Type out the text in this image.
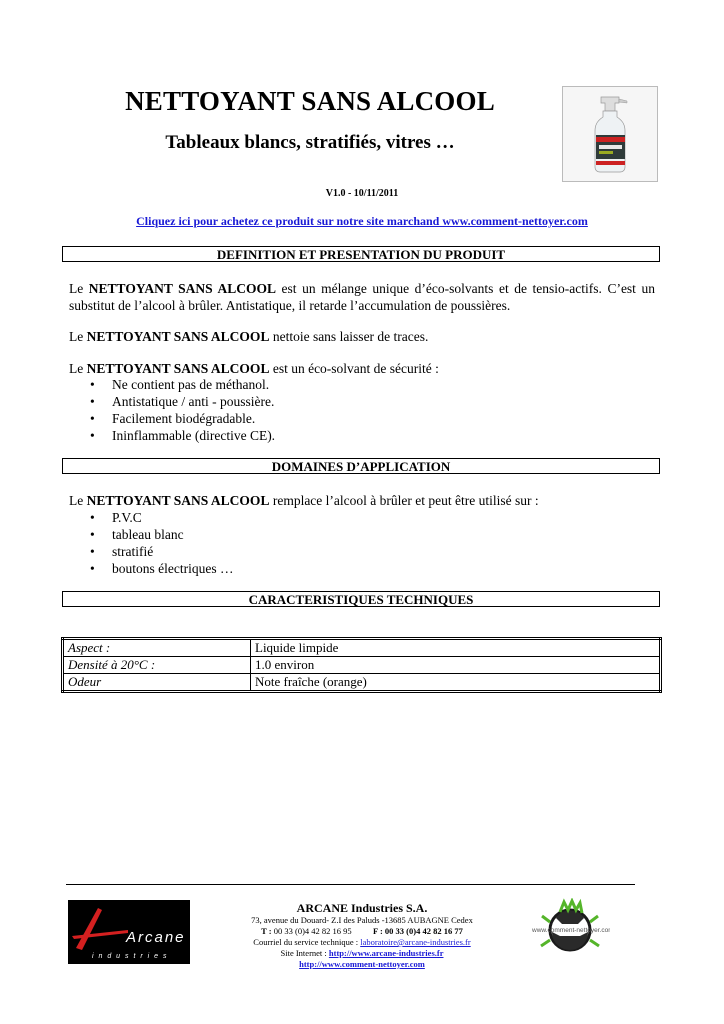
NETTOYANT SANS ALCOOL
Tableaux blancs, stratifiés, vitres …
V1.0 - 10/11/2011
Cliquez ici pour achetez ce produit sur notre site marchand www.comment-nettoyer.com
DEFINITION ET PRESENTATION DU PRODUIT
Le NETTOYANT SANS ALCOOL est un mélange unique d’éco-solvants et de tensio-actifs. C’est un substitut de l’alcool à brûler. Antistatique, il retarde l’accumulation de poussières.
Le NETTOYANT SANS ALCOOL nettoie sans laisser de traces.
Le NETTOYANT SANS ALCOOL est un éco-solvant de sécurité :
• Ne contient pas de méthanol.
• Antistatique / anti - poussière.
• Facilement biodégradable.
• Ininflammable (directive CE).
DOMAINES D’APPLICATION
Le NETTOYANT SANS ALCOOL remplace l’alcool à brûler et peut être utilisé sur :
• P.V.C
• tableau blanc
• stratifié
• boutons électriques …
CARACTERISTIQUES TECHNIQUES
Aspect :	Liquide limpide
Densité à 20°C :	1.0 environ
Odeur	Note fraîche (orange)
Arcane
i n d u s t r i e s
ARCANE Industries S.A.
73, avenue du Douard- Z.I des Paluds -13685 AUBAGNE Cedex
T : 00 33 (0)4 42 82 16 95	F : 00 33 (0)4 42 82 16 77
Courriel du service technique : laboratoire@arcane-industries.fr
Site Internet : http://www.arcane-industries.fr
http://www.comment-nettoyer.com
www.comment-nettoyer.com
